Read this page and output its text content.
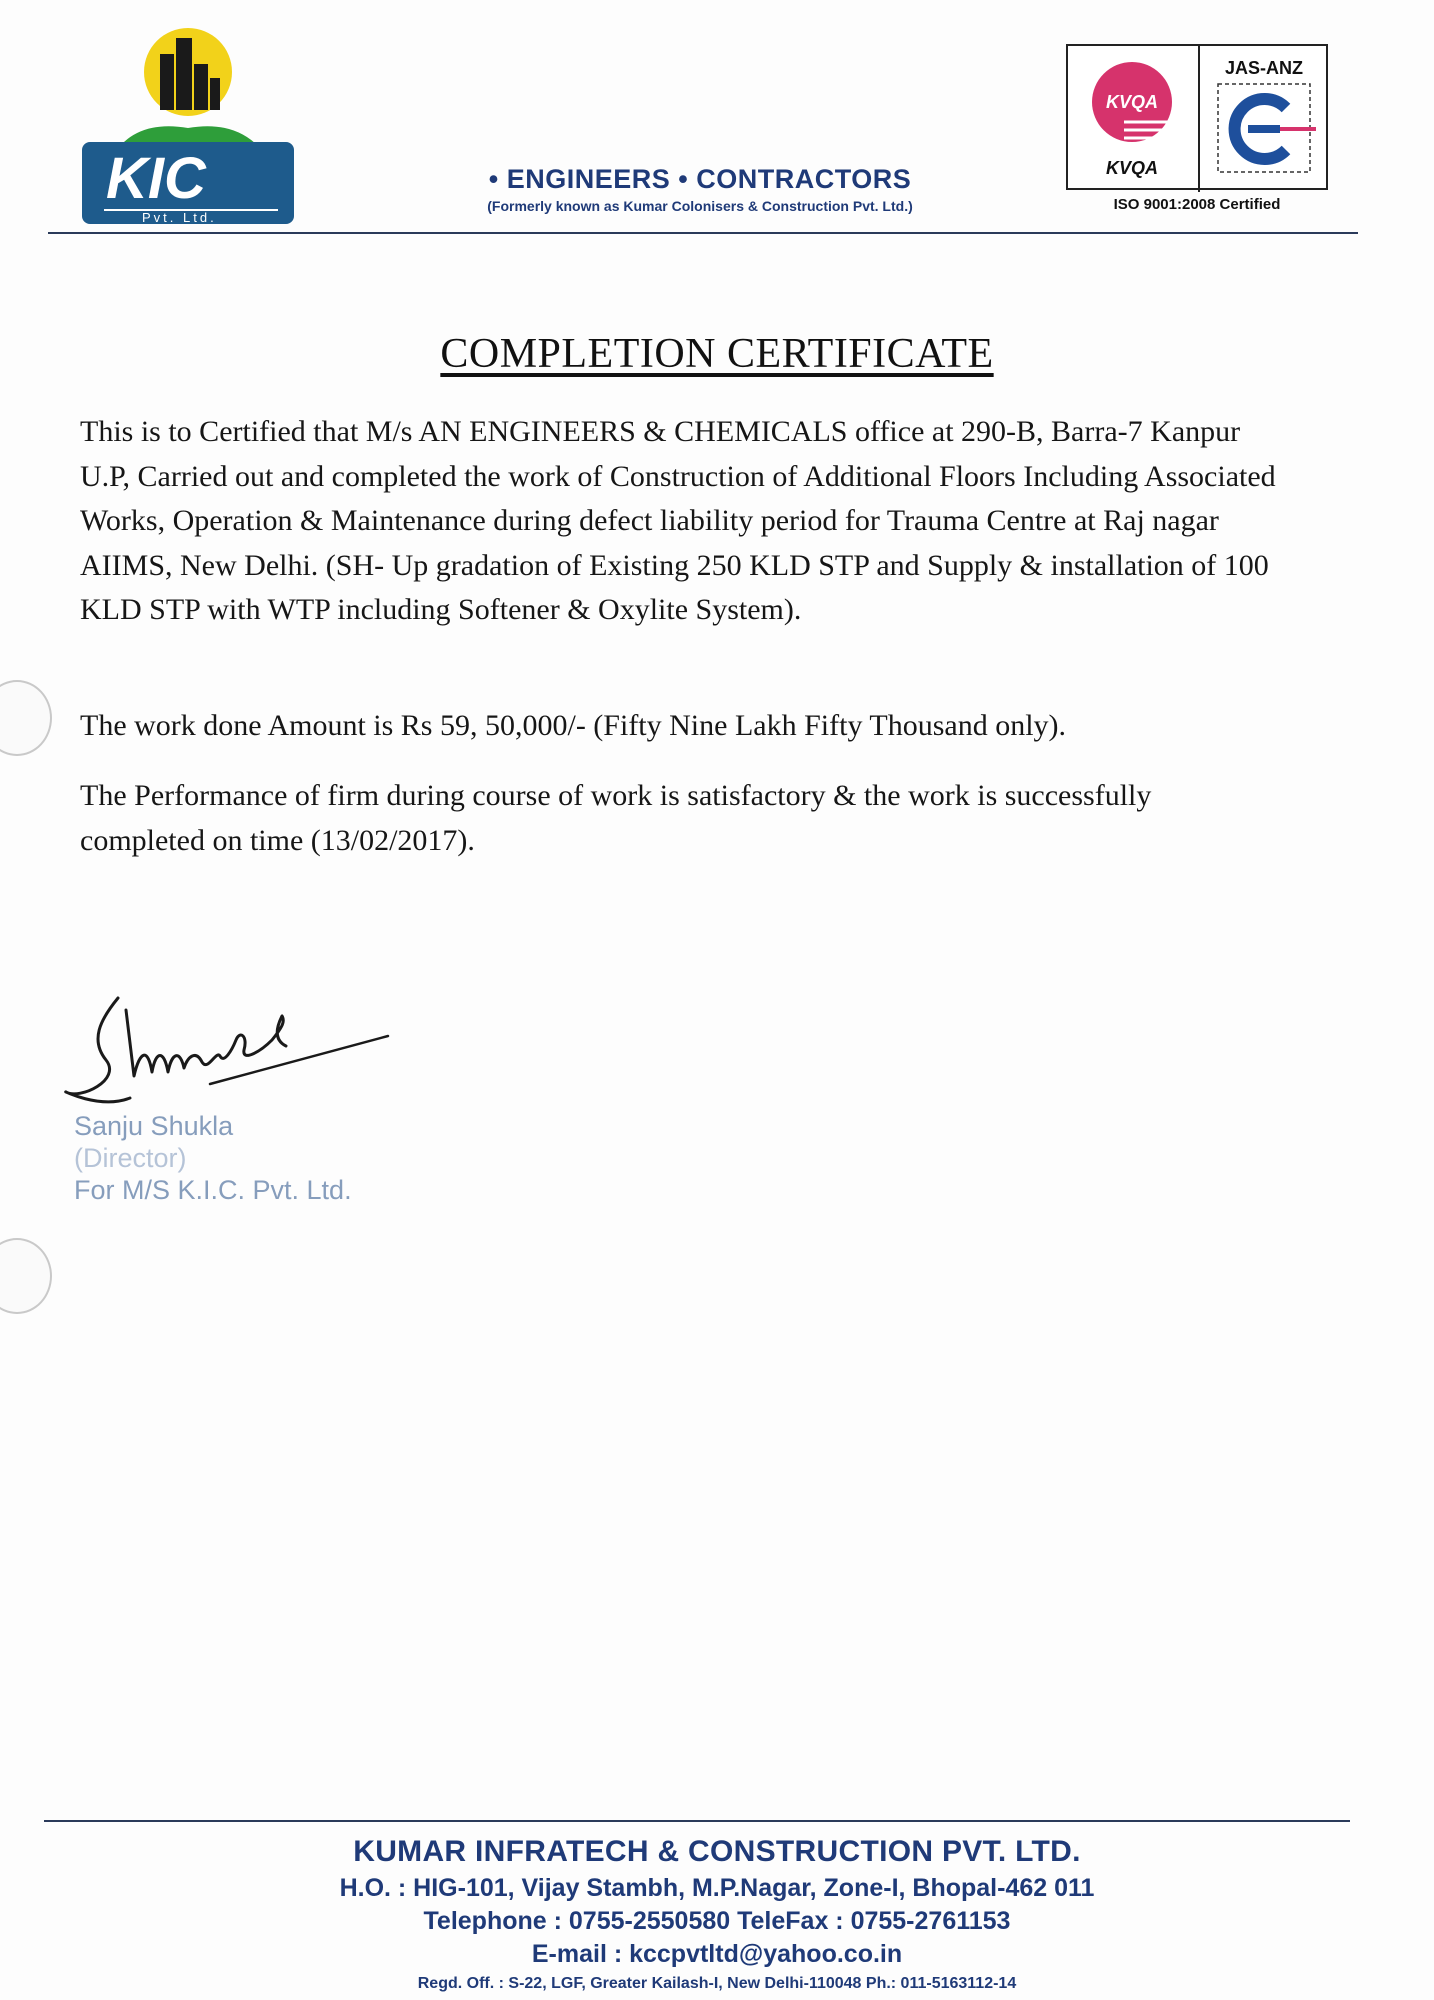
KIC
Pvt. Ltd.
• ENGINEERS • CONTRACTORS
(Formerly known as Kumar Colonisers & Construction Pvt. Ltd.)
KVQA
KVQA
JAS-ANZ
ISO 9001:2008 Certified
COMPLETION CERTIFICATE
This is to Certified that M/s AN ENGINEERS & CHEMICALS office at 290-B, Barra-7 Kanpur U.P, Carried out and completed the work of Construction of Additional Floors Including Associated Works, Operation & Maintenance during defect liability period for Trauma Centre at Raj nagar AIIMS, New Delhi. (SH- Up gradation of Existing 250 KLD STP and Supply & installation of 100 KLD STP with WTP including Softener & Oxylite System).
The work done Amount is Rs 59, 50,000/- (Fifty Nine Lakh Fifty Thousand only).
The Performance of firm during course of work is satisfactory & the work is successfully completed on time (13/02/2017).
Sanju Shukla
(Director)
For M/S K.I.C. Pvt. Ltd.
KUMAR INFRATECH & CONSTRUCTION PVT. LTD.
H.O. : HIG-101, Vijay Stambh, M.P.Nagar, Zone-I, Bhopal-462 011
Telephone : 0755-2550580 TeleFax : 0755-2761153
E-mail : kccpvtltd@yahoo.co.in
Regd. Off. : S-22, LGF, Greater Kailash-I, New Delhi-110048 Ph.: 011-5163112-14
